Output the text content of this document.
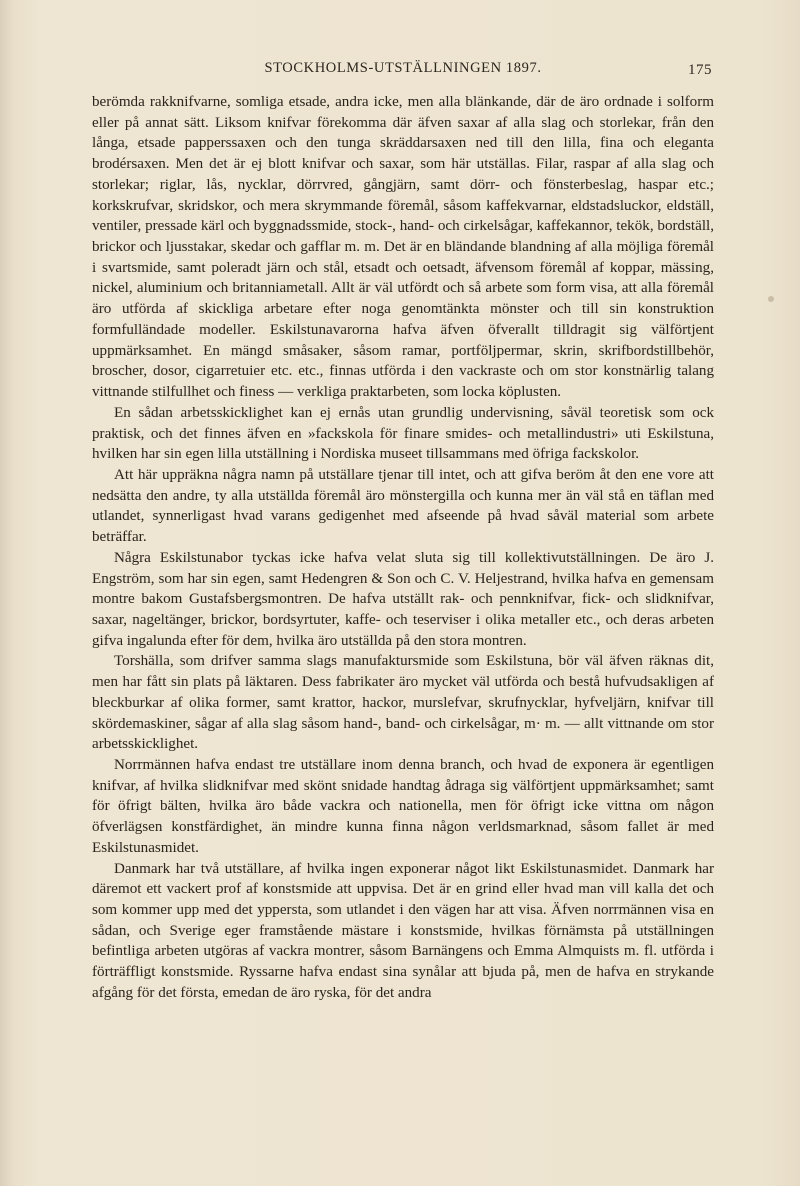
STOCKHOLMS-UTSTÄLLNINGEN 1897.	175

berömda rakknifvarne, somliga etsade, andra icke, men alla blänkande, där de äro ordnade i solform eller på annat sätt. Liksom knifvar förekomma där äfven saxar af alla slag och storlekar, från den långa, etsade papperssaxen och den tunga skräddarsaxen ned till den lilla, fina och eleganta brodérsaxen. Men det är ej blott knifvar och saxar, som här utställas. Filar, raspar af alla slag och storlekar; riglar, lås, nycklar, dörrvred, gångjärn, samt dörr- och fönsterbeslag, haspar etc.; korkskrufvar, skridskor, och mera skrymmande föremål, såsom kaffekvarnar, eldstadsluckor, eldställ, ventiler, pressade kärl och byggnadssmide, stock-, hand- och cirkelsågar, kaffekannor, tekök, bordställ, brickor och ljusstakar, skedar och gafflar m. m. Det är en bländande blandning af alla möjliga föremål i svartsmide, samt poleradt järn och stål, etsadt och oetsadt, äfvensom föremål af koppar, mässing, nickel, aluminium och britanniametall. Allt är väl utfördt och så arbete som form visa, att alla föremål äro utförda af skickliga arbetare efter noga genomtänkta mönster och till sin konstruktion formfulländade modeller. Eskilstunavarorna hafva äfven öfverallt tilldragit sig välförtjent uppmärksamhet. En mängd småsaker, såsom ramar, portföljpermar, skrin, skrifbordstillbehör, broscher, dosor, cigarretuier etc. etc., finnas utförda i den vackraste och om stor konstnärlig talang vittnande stilfullhet och finess — verkliga praktarbeten, som locka köplusten.

En sådan arbetsskicklighet kan ej ernås utan grundlig undervisning, såväl teoretisk som ock praktisk, och det finnes äfven en »fackskola för finare smides- och metallindustri» uti Eskilstuna, hvilken har sin egen lilla utställning i Nordiska museet tillsammans med öfriga fackskolor.

Att här uppräkna några namn på utställare tjenar till intet, och att gifva beröm åt den ene vore att nedsätta den andre, ty alla utställda föremål äro mönstergilla och kunna mer än väl stå en täflan med utlandet, synnerligast hvad varans gedigenhet med afseende på hvad såväl material som arbete beträffar.

Några Eskilstunabor tyckas icke hafva velat sluta sig till kollektivutställningen. De äro J. Engström, som har sin egen, samt Hedengren & Son och C. V. Heljestrand, hvilka hafva en gemensam montre bakom Gustafsbergsmontren. De hafva utställt rak- och pennknifvar, fick- och slidknifvar, saxar, nageltänger, brickor, bordsyrtuter, kaffe- och teserviser i olika metaller etc., och deras arbeten gifva ingalunda efter för dem, hvilka äro utställda på den stora montren.

Torshälla, som drifver samma slags manufaktursmide som Eskilstuna, bör väl äfven räknas dit, men har fått sin plats på läktaren. Dess fabrikater äro mycket väl utförda och bestå hufvudsakligen af bleckburkar af olika former, samt krattor, hackor, murslefvar, skrufnycklar, hyfveljärn, knifvar till skördemaskiner, sågar af alla slag såsom hand-, band- och cirkelsågar, m· m. — allt vittnande om stor arbetsskicklighet.

Norrmännen hafva endast tre utställare inom denna branch, och hvad de exponera är egentligen knifvar, af hvilka slidknifvar med skönt snidade handtag ådraga sig välförtjent uppmärksamhet; samt för öfrigt bälten, hvilka äro både vackra och nationella, men för öfrigt icke vittna om någon öfverlägsen konstfärdighet, än mindre kunna finna någon verldsmarknad, såsom fallet är med Eskilstunasmidet.

Danmark har två utställare, af hvilka ingen exponerar något likt Eskilstunasmidet. Danmark har däremot ett vackert prof af konstsmide att uppvisa. Det är en grind eller hvad man vill kalla det och som kommer upp med det yppersta, som utlandet i den vägen har att visa. Äfven norrmännen visa en sådan, och Sverige eger framstående mästare i konstsmide, hvilkas förnämsta på utställningen befintliga arbeten utgöras af vackra montrer, såsom Barnängens och Emma Almquists m. fl. utförda i förträffligt konstsmide. Ryssarne hafva endast sina synålar att bjuda på, men de hafva en strykande afgång för det första, emedan de äro ryska, för det andra
